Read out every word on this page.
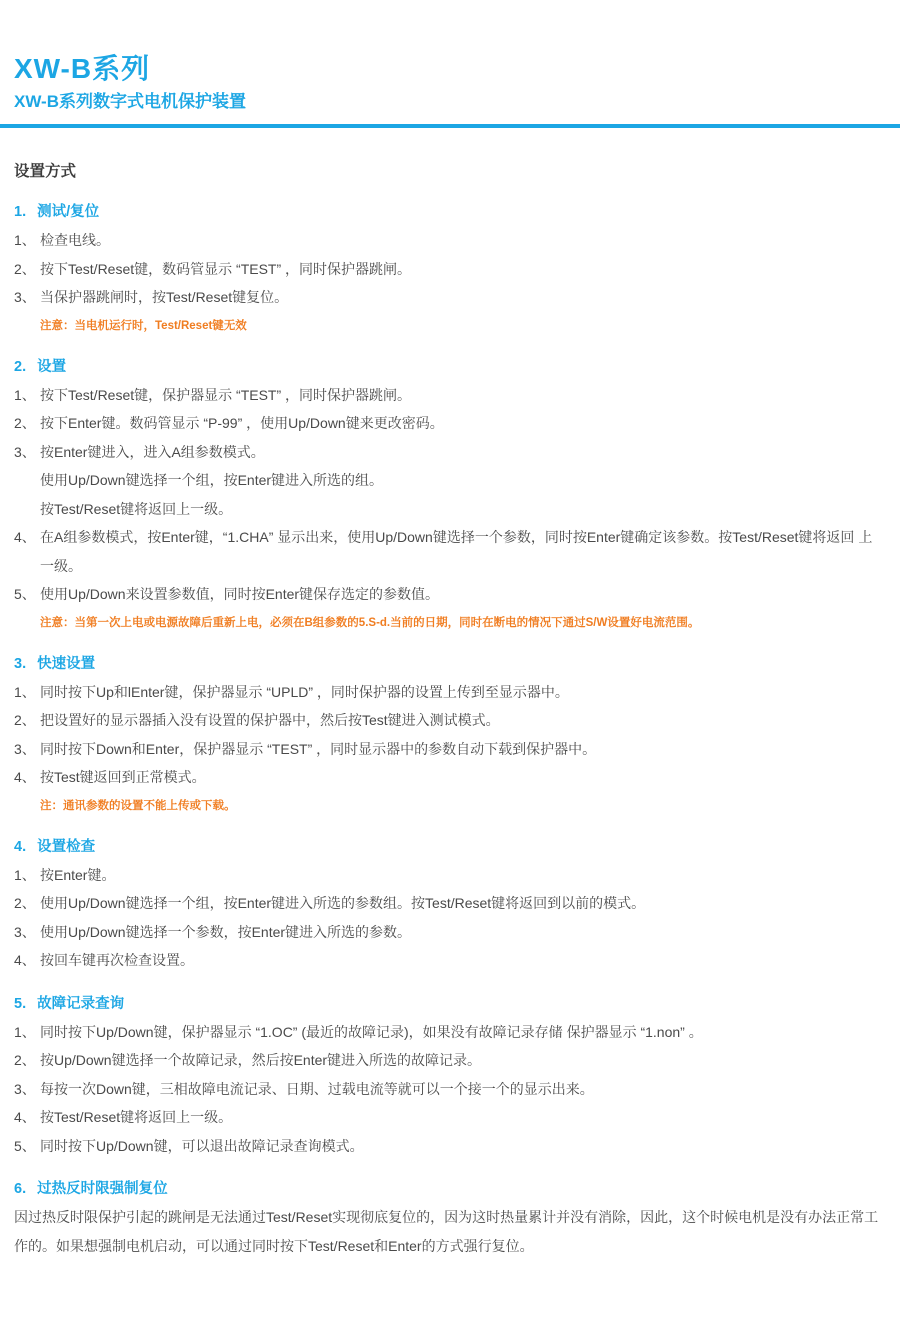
XW-B系列
XW-B系列数字式电机保护装置
设置方式
1. 测试/复位
1、 检查电线。
2、 按下Test/Reset键，数码管显示 “TEST” ，同时保护器跳闸。
3、 当保护器跳闸时，按Test/Reset键复位。
注意：当电机运行时，Test/Reset键无效
2. 设置
1、 按下Test/Reset键，保护器显示 “TEST” ，同时保护器跳闸。
2、 按下Enter键。数码管显示 “P-99” ，使用Up/Down键来更改密码。
3、 按Enter键进入，进入A组参数模式。
使用Up/Down键选择一个组，按Enter键进入所选的组。
按Test/Reset键将返回上一级。
4、 在A组参数模式，按Enter键，“1.CHA” 显示出来，使用Up/Down键选择一个参数，同时按Enter键确定该参数。按Test/Reset键将返回 上一级。
5、 使用Up/Down来设置参数值，同时按Enter键保存选定的参数值。
注意：当第一次上电或电源故障后重新上电，必须在B组参数的5.S-d.当前的日期，同时在断电的情况下通过S/W设置好电流范围。
3. 快速设置
1、 同时按下Up和lEnter键，保护器显示 “UPLD” ，同时保护器的设置上传到至显示器中。
2、 把设置好的显示器插入没有设置的保护器中，然后按Test键进入测试模式。
3、 同时按下Down和Enter，保护器显示 “TEST” ，同时显示器中的参数自动下载到保护器中。
4、 按Test键返回到正常模式。
注：通讯参数的设置不能上传或下载。
4. 设置检查
1、 按Enter键。
2、 使用Up/Down键选择一个组，按Enter键进入所选的参数组。按Test/Reset键将返回到以前的模式。
3、 使用Up/Down键选择一个参数，按Enter键进入所选的参数。
4、 按回车键再次检查设置。
5. 故障记录查询
1、 同时按下Up/Down键，保护器显示 “1.OC” (最近的故障记录)，如果没有故障记录存储 保护器显示 “1.non” 。
2、 按Up/Down键选择一个故障记录，然后按Enter键进入所选的故障记录。
3、 每按一次Down键，三相故障电流记录、日期、过载电流等就可以一个接一个的显示出来。
4、 按Test/Reset键将返回上一级。
5、 同时按下Up/Down键，可以退出故障记录查询模式。
6. 过热反时限强制复位
因过热反时限保护引起的跳闸是无法通过Test/Reset实现彻底复位的，因为这时热量累计并没有消除，因此，这个时候电机是没有办法正常工作的。如果想强制电机启动，可以通过同时按下Test/Reset和Enter的方式强行复位。
